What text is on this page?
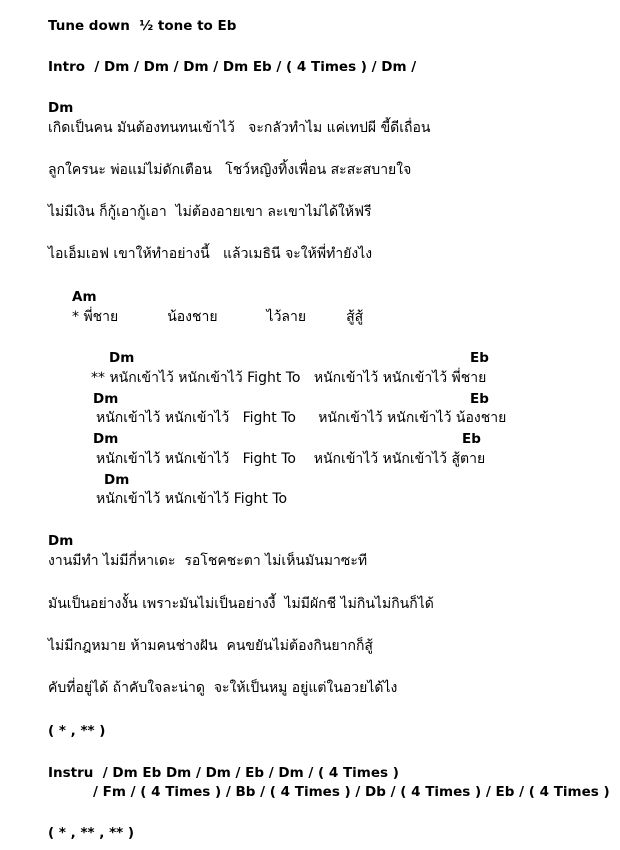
Tune down  ½ tone to Eb
Intro  / Dm / Dm / Dm / Dm Eb / ( 4 Times ) / Dm /
Dm
เกิดเป็นคน มันต้องทนทนเข้าไว้   จะกลัวทำไม แค่เทปผี ขี้ดีเถื่อน
ลูกใครนะ พ่อแม่ไม่ดักเตือน   โชว์หญิงทิ้งเพื่อน สะสะสบายใจ
ไม่มีเงิน ก็กู้เอากู้เอา  ไม่ต้องอายเขา ละเขาไม่ได้ให้ฟรี
ไอเอ็มเอฟ เขาให้ทำอย่างนี้   แล้วเมธินี จะให้พี่ทำยังไง
Am
* พี่ชาย           น้องชาย           ไว้ลาย         สู้สู้
Dm	Eb
** หนักเข้าไว้ หนักเข้าไว้ Fight To   หนักเข้าไว้ หนักเข้าไว้ พี่ชาย
Dm	Eb
หนักเข้าไว้ หนักเข้าไว้   Fight To     หนักเข้าไว้ หนักเข้าไว้ น้องชาย
Dm	Eb
หนักเข้าไว้ หนักเข้าไว้   Fight To    หนักเข้าไว้ หนักเข้าไว้ สู้ตาย
Dm
หนักเข้าไว้ หนักเข้าไว้ Fight To
Dm
งานมีทำ ไม่มีกี่หาเดะ  รอโชคชะตา ไม่เห็นมันมาซะที
มันเป็นอย่างงั้น เพราะมันไม่เป็นอย่างงี้  ไม่มีผักชี ไม่กินไม่กินก็ได้
ไม่มีกฎหมาย ห้ามคนช่างฝัน  คนขยันไม่ต้องกินยากก็สู้
คับที่อยู่ได้ ถ้าคับใจละน่าดู  จะให้เป็นหมู อยู่แต่ในอวยได้ไง
( * , ** )
Instru  / Dm Eb Dm / Dm / Eb / Dm / ( 4 Times )
/ Fm / ( 4 Times ) / Bb / ( 4 Times ) / Db / ( 4 Times ) / Eb / ( 4 Times )
( * , ** , ** )
